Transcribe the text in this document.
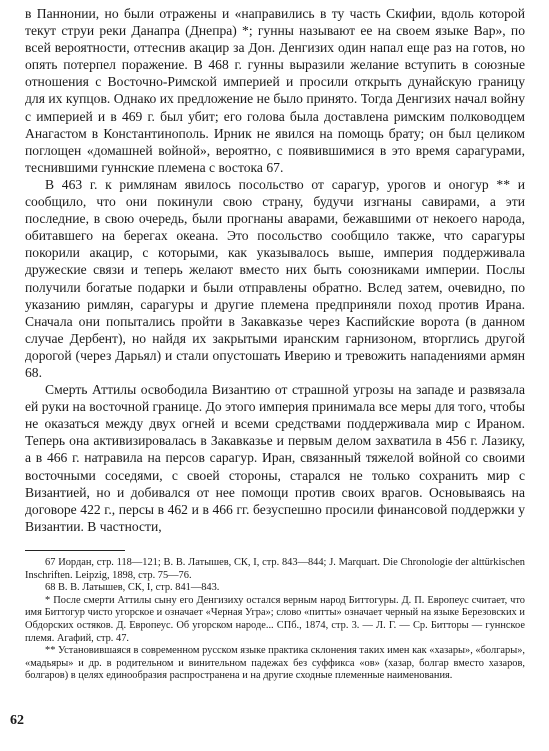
в Паннонии, но были отражены и «направились в ту часть Скифии, вдоль которой текут струи реки Данапра (Днепра) *; гунны называют ее на своем языке Вар», по всей вероятности, оттеснив акацир за Дон. Денгизих один напал еще раз на готов, но опять потерпел поражение. В 468 г. гунны выразили желание вступить в союзные отношения с Восточно-Римской империей и просили открыть дунайскую границу для их купцов. Однако их предложение не было принято. Тогда Денгизих начал войну с империей и в 469 г. был убит; его голова была доставлена римским полководцем Анагастом в Константинополь. Ирник не явился на помощь брату; он был целиком поглощен «домашней войной», вероятно, с появившимися в это время сарагурами, теснившими гуннские племена с востока 67.

В 463 г. к римлянам явилось посольство от сарагур, урогов и оногур ** и сообщило, что они покинули свою страну, будучи изгнаны савирами, а эти последние, в свою очередь, были прогнаны аварами, бежавшими от некоего народа, обитавшего на берегах океана. Это посольство сообщило также, что сарагуры покорили акацир, с которыми, как указывалось выше, империя поддерживала дружеские связи и теперь желают вместо них быть союзниками империи. Послы получили богатые подарки и были отправлены обратно. Вслед затем, очевидно, по указанию римлян, сарагуры и другие племена предприняли поход против Ирана. Сначала они попытались пройти в Закавказье через Каспийские ворота (в данном случае Дербент), но найдя их закрытыми иранским гарнизоном, вторглись другой дорогой (через Дарьял) и стали опустошать Иверию и тревожить нападениями армян 68.

Смерть Аттилы освободила Византию от страшной угрозы на западе и развязала ей руки на восточной границе. До этого империя принимала все меры для того, чтобы не оказаться между двух огней и всеми средствами поддерживала мир с Ираном. Теперь она активизировалась в Закавказье и первым делом захватила в 456 г. Лазику, а в 466 г. натравила на персов сарагур. Иран, связанный тяжелой войной со своими восточными соседями, с своей стороны, старался не только сохранить мир с Византией, но и добивался от нее помощи против своих врагов. Основываясь на договоре 422 г., персы в 462 и в 466 гг. безуспешно просили финансовой поддержки у Византии. В частности,

67 Иордан, стр. 118—121; В. В. Латышев, СК, I, стр. 843—844; J. Marquart. Die Chronologie der alttürkischen Inschriften. Leipzig, 1898, стр. 75—76.

68 В. В. Латышев, СК, I, стр. 841—843.

* После смерти Аттилы сыну его Денгизиху остался верным народ Биттогуры. Д. П. Европеус считает, что имя Биттогур чисто угорское и означает «Черная Угра»; слово «питты» означает черный на языке Березовских и Обдорских остяков. Д. Европеус. Об угорском народе... СПб., 1874, стр. 3. — Л. Г. — Ср. Битторы — гуннское племя. Агафий, стр. 47.

** Установившаяся в современном русском языке практика склонения таких имен как «хазары», «болгары», «мадьяры» и др. в родительном и винительном падежах без суффикса «ов» (хазар, болгар вместо хазаров, болгаров) в целях единообразия распространена и на другие сходные племенные наименования.

62
